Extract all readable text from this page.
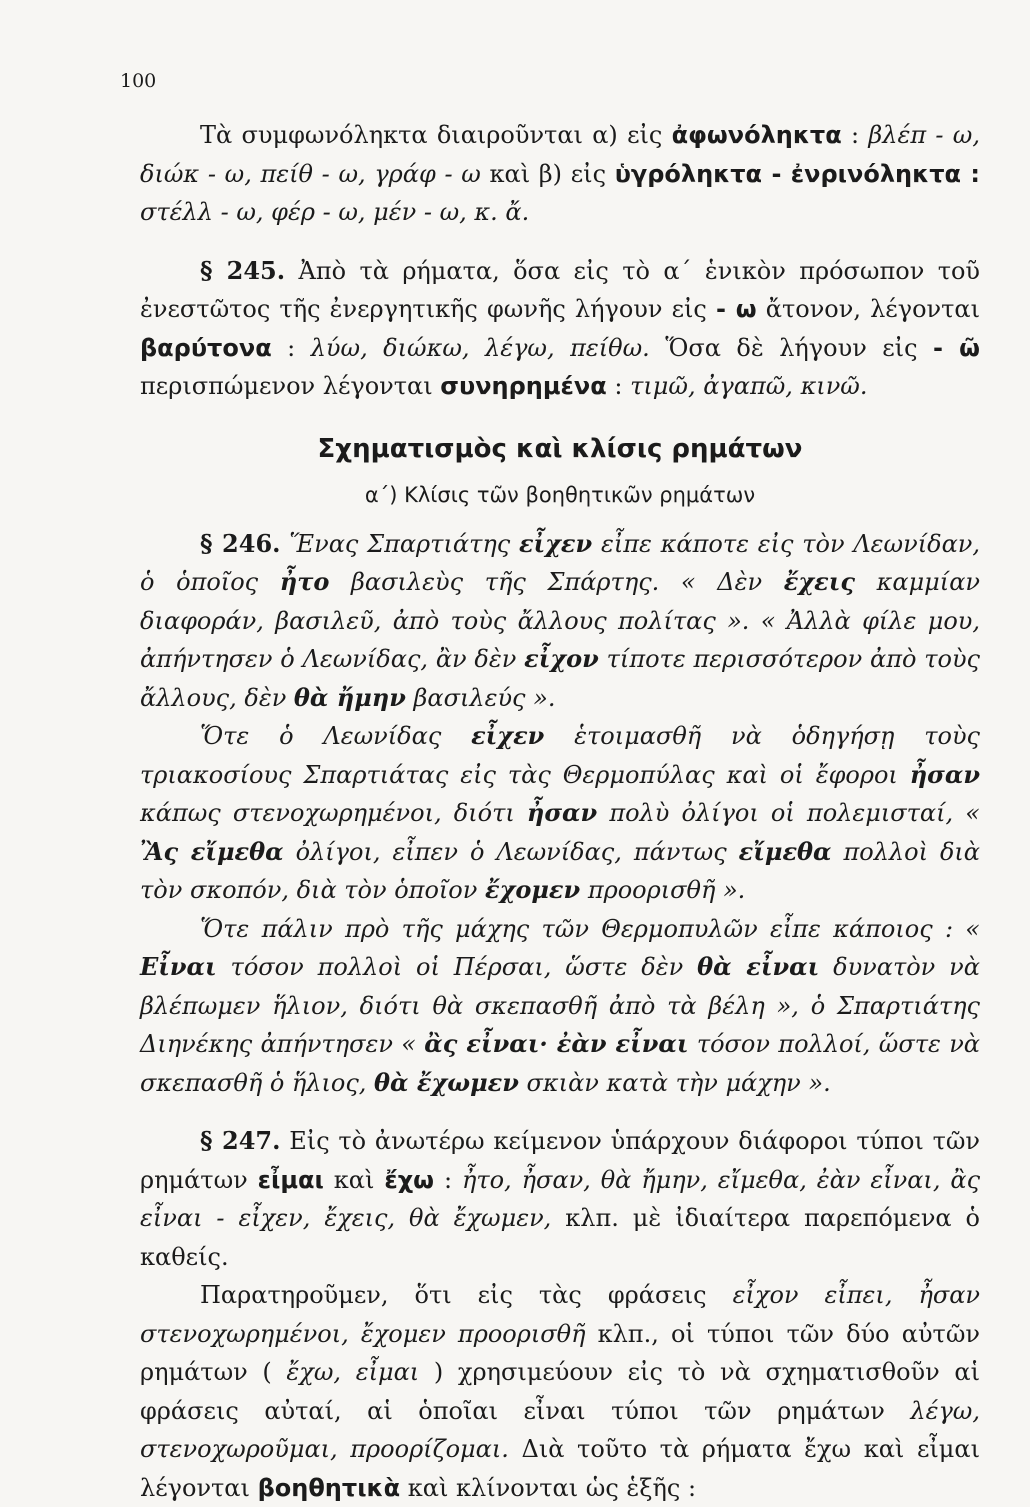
100

Τὰ συμφωνόληκτα διαιροῦνται α) εἰς ἀφωνόληκτα : βλέπ - ω, διώκ - ω, πείθ - ω, γράφ - ω καὶ β) εἰς ὑγρόληκτα - ἐνρινόληκτα : στέλλ - ω, φέρ - ω, μέν - ω, κ. ἄ.

§ 245. Ἀπὸ τὰ ρήματα, ὅσα εἰς τὸ α΄ ἑνικὸν πρόσωπον τοῦ ἐνεστῶτος τῆς ἐνεργητικῆς φωνῆς λήγουν εἰς - ω ἄτονον, λέγονται βαρύτονα : λύω, διώκω, λέγω, πείθω. Ὅσα δὲ λήγουν εἰς - ῶ περισπώμενον λέγονται συνηρημένα : τιμῶ, ἀγαπῶ, κινῶ.

Σχηματισμὸς καὶ κλίσις ρημάτων

α΄) Κλίσις τῶν βοηθητικῶν ρημάτων

§ 246. Ἕνας Σπαρτιάτης εἶχεν εἶπε κάποτε εἰς τὸν Λεωνίδαν, ὁ ὁποῖος ἦτο βασιλεὺς τῆς Σπάρτης. « Δὲν ἔχεις καμμίαν διαφοράν, βασιλεῦ, ἀπὸ τοὺς ἄλλους πολίτας ». « Ἀλλὰ φίλε μου, ἀπήντησεν ὁ Λεωνίδας, ἂν δὲν εἶχον τίποτε περισσότερον ἀπὸ τοὺς ἄλλους, δὲν θὰ ἤμην βασιλεύς ».

Ὅτε ὁ Λεωνίδας εἶχεν ἑτοιμασθῆ νὰ ὁδηγήσῃ τοὺς τριακοσίους Σπαρτιάτας εἰς τὰς Θερμοπύλας καὶ οἱ ἔφοροι ἦσαν κάπως στενοχωρημένοι, διότι ἦσαν πολὺ ὀλίγοι οἱ πολεμισταί, « Ἂς εἴμεθα ὀλίγοι, εἶπεν ὁ Λεωνίδας, πάντως εἴμεθα πολλοὶ διὰ τὸν σκοπόν, διὰ τὸν ὁποῖον ἔχομεν προορισθῆ ».

Ὅτε πάλιν πρὸ τῆς μάχης τῶν Θερμοπυλῶν εἶπε κάποιος : « Εἶναι τόσον πολλοὶ οἱ Πέρσαι, ὥστε δὲν θὰ εἶναι δυνατὸν νὰ βλέπωμεν ἥλιον, διότι θὰ σκεπασθῆ ἀπὸ τὰ βέλη », ὁ Σπαρτιάτης Διηνέκης ἀπήντησεν « ἂς εἶναι· ἐὰν εἶναι τόσον πολλοί, ὥστε νὰ σκεπασθῆ ὁ ἥλιος, θὰ ἔχωμεν σκιὰν κατὰ τὴν μάχην ».

§ 247. Εἰς τὸ ἀνωτέρω κείμενον ὑπάρχουν διάφοροι τύποι τῶν ρημάτων εἶμαι καὶ ἔχω : ἦτο, ἦσαν, θὰ ἤμην, εἴμεθα, ἐὰν εἶναι, ἂς εἶναι - εἶχεν, ἔχεις, θὰ ἔχωμεν, κλπ. μὲ ἰδιαίτερα παρεπόμενα ὁ καθείς.

Παρατηροῦμεν, ὅτι εἰς τὰς φράσεις εἶχον εἶπει, ἦσαν στενοχωρημένοι, ἔχομεν προορισθῆ κλπ., οἱ τύποι τῶν δύο αὐτῶν ρημάτων ( ἔχω, εἶμαι ) χρησιμεύουν εἰς τὸ νὰ σχηματισθοῦν αἱ φράσεις αὐταί, αἱ ὁποῖαι εἶναι τύποι τῶν ρημάτων λέγω, στενοχωροῦμαι, προορίζομαι. Διὰ τοῦτο τὰ ρήματα ἔχω καὶ εἶμαι λέγονται βοηθητικὰ καὶ κλίνονται ὡς ἑξῆς :
